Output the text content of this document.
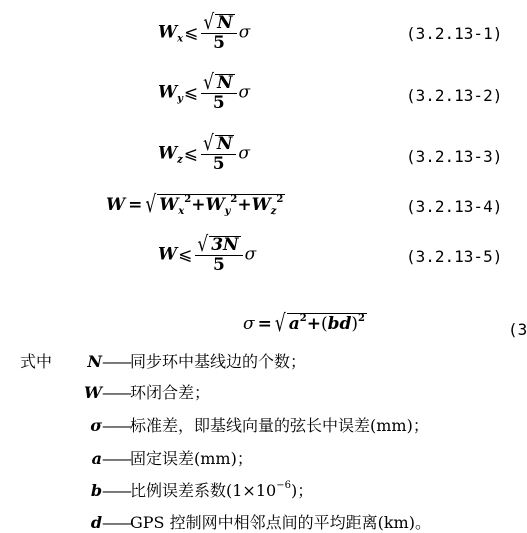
$W_x⩽ \frac{√ N}{5}$ σ	(3.2.13-1)
$W_y⩽ \frac{√ N}{5}$ σ	(3.2.13-2)
$W_z⩽ \frac{√ N}{5}$ σ	(3.2.13-3)
W = √ $W_x^2+W_y^2+W_z^2$	(3.2.13-4)
W⩽ $\frac{√ 3N}{5}$ σ	(3.2.13-5)
σ = √ $a^2+(bd)^2$
(3
式中	N——同步环中基线边的个数；
W——环闭合差；
σ——标准差，即基线向量的弦长中误差(mm)；
a——固定误差(mm)；
b——比例误差系数$(1\times 10^{-6})$；
d——GPS 控制网中相邻点间的平均距离(km)。
